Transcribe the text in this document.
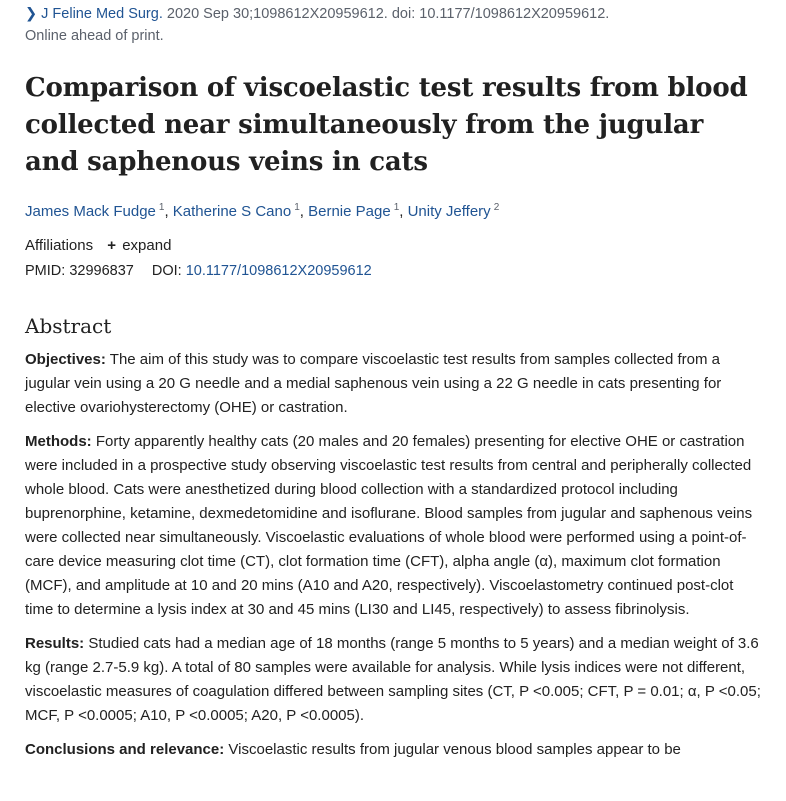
❯ J Feline Med Surg. 2020 Sep 30;1098612X20959612. doi: 10.1177/1098612X20959612.
Online ahead of print.
Comparison of viscoelastic test results from blood collected near simultaneously from the jugular and saphenous veins in cats
James Mack Fudge $^1$, Katherine S Cano $^1$, Bernie Page $^1$, Unity Jeffery $^2$
Affiliations + expand
PMID: 32996837 DOI: 10.1177/1098612X20959612
Abstract

Objectives: The aim of this study was to compare viscoelastic test results from samples collected from a jugular vein using a 20 G needle and a medial saphenous vein using a 22 G needle in cats presenting for elective ovariohysterectomy (OHE) or castration.

Methods: Forty apparently healthy cats (20 males and 20 females) presenting for elective OHE or castration were included in a prospective study observing viscoelastic test results from central and peripherally collected whole blood. Cats were anesthetized during blood collection with a standardized protocol including buprenorphine, ketamine, dexmedetomidine and isoflurane. Blood samples from jugular and saphenous veins were collected near simultaneously. Viscoelastic evaluations of whole blood were performed using a point-of-care device measuring clot time (CT), clot formation time (CFT), alpha angle (α), maximum clot formation (MCF), and amplitude at 10 and 20 mins (A10 and A20, respectively). Viscoelastometry continued post-clot time to determine a lysis index at 30 and 45 mins (LI30 and LI45, respectively) to assess fibrinolysis.

Results: Studied cats had a median age of 18 months (range 5 months to 5 years) and a median weight of 3.6 kg (range 2.7-5.9 kg). A total of 80 samples were available for analysis. While lysis indices were not different, viscoelastic measures of coagulation differed between sampling sites (CT, P <0.005; CFT, P = 0.01; α, P <0.05; MCF, P <0.0005; A10, P <0.0005; A20, P <0.0005).

Conclusions and relevance: Viscoelastic results from jugular venous blood samples appear to be
